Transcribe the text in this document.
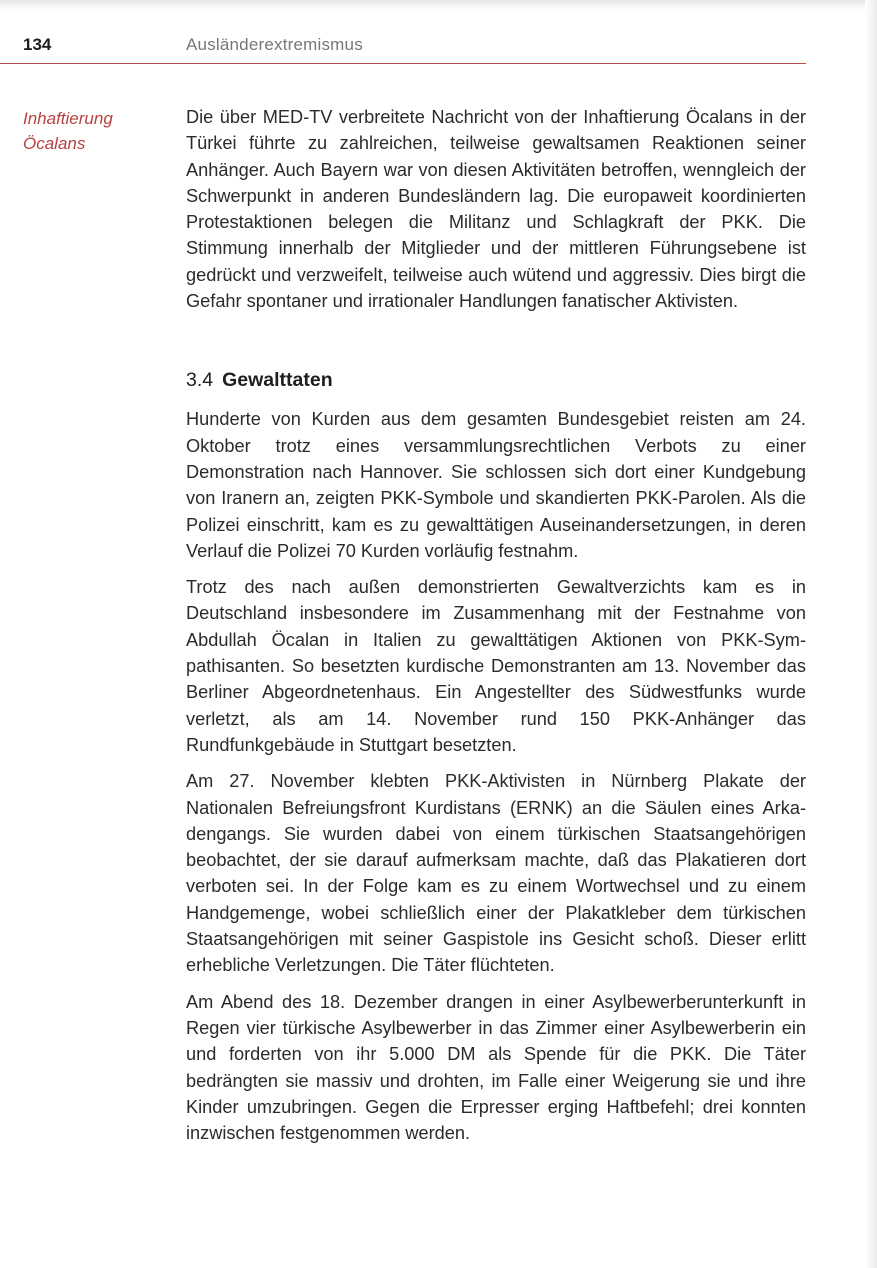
134	Ausländerextremismus
Inhaftierung
Öcalans

Die über MED-TV verbreitete Nachricht von der Inhaftierung Öcalans in der Türkei führte zu zahlreichen, teilweise gewaltsamen Reaktionen seiner Anhänger. Auch Bayern war von diesen Aktivitäten betroffen, wenngleich der Schwerpunkt in anderen Bundesländern lag. Die europaweit koordinierten Protestaktionen belegen die Militanz und Schlagkraft der PKK. Die Stimmung innerhalb der Mitglieder und der mittleren Führungsebene ist gedrückt und verzweifelt, teilweise auch wütend und aggressiv. Dies birgt die Gefahr spontaner und irrationaler Handlungen fanatischer Aktivisten.

3.4 Gewalttaten

Hunderte von Kurden aus dem gesamten Bundesgebiet reisten am 24. Oktober trotz eines versammlungsrechtlichen Verbots zu einer Demonstration nach Hannover. Sie schlossen sich dort einer Kundgebung von Iranern an, zeigten PKK-Symbole und skandierten PKK-Parolen. Als die Polizei einschritt, kam es zu gewalttätigen Auseinandersetzungen, in deren Verlauf die Polizei 70 Kurden vorläufig festnahm.

Trotz des nach außen demonstrierten Gewaltverzichts kam es in Deutschland insbesondere im Zusammenhang mit der Festnahme von Abdullah Öcalan in Italien zu gewalttätigen Aktionen von PKK-Sympathisanten. So besetzten kurdische Demonstranten am 13. November das Berliner Abgeordnetenhaus. Ein Angestellter des Südwestfunks wurde verletzt, als am 14. November rund 150 PKK-Anhänger das Rundfunkgebäude in Stuttgart besetzten.

Am 27. November klebten PKK-Aktivisten in Nürnberg Plakate der Nationalen Befreiungsfront Kurdistans (ERNK) an die Säulen eines Arkadengangs. Sie wurden dabei von einem türkischen Staatsangehörigen beobachtet, der sie darauf aufmerksam machte, daß das Plakatieren dort verboten sei. In der Folge kam es zu einem Wortwechsel und zu einem Handgemenge, wobei schließlich einer der Plakatkleber dem türkischen Staatsangehörigen mit seiner Gaspistole ins Gesicht schoß. Dieser erlitt erhebliche Verletzungen. Die Täter flüchteten.

Am Abend des 18. Dezember drangen in einer Asylbewerberunterkunft in Regen vier türkische Asylbewerber in das Zimmer einer Asylbewerberin ein und forderten von ihr 5.000 DM als Spende für die PKK. Die Täter bedrängten sie massiv und drohten, im Falle einer Weigerung sie und ihre Kinder umzubringen. Gegen die Erpresser erging Haftbefehl; drei konnten inzwischen festgenommen werden.
